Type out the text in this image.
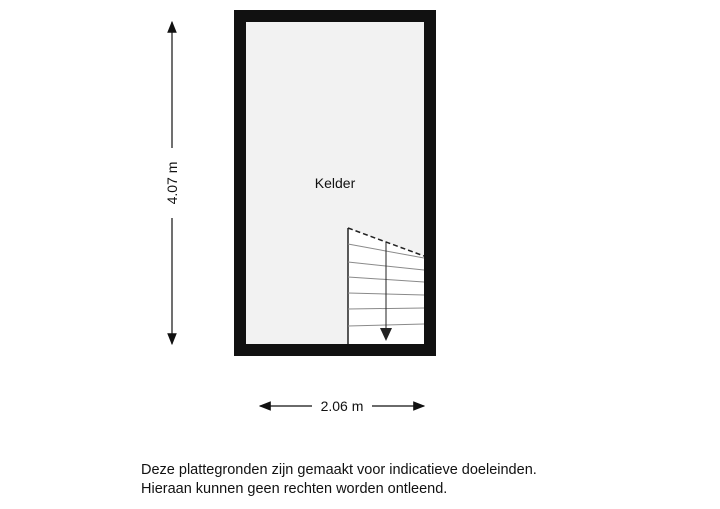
Kelder
4.07 m
2.06 m
Deze plattegronden zijn gemaakt voor indicatieve doeleinden.
Hieraan kunnen geen rechten worden ontleend.
